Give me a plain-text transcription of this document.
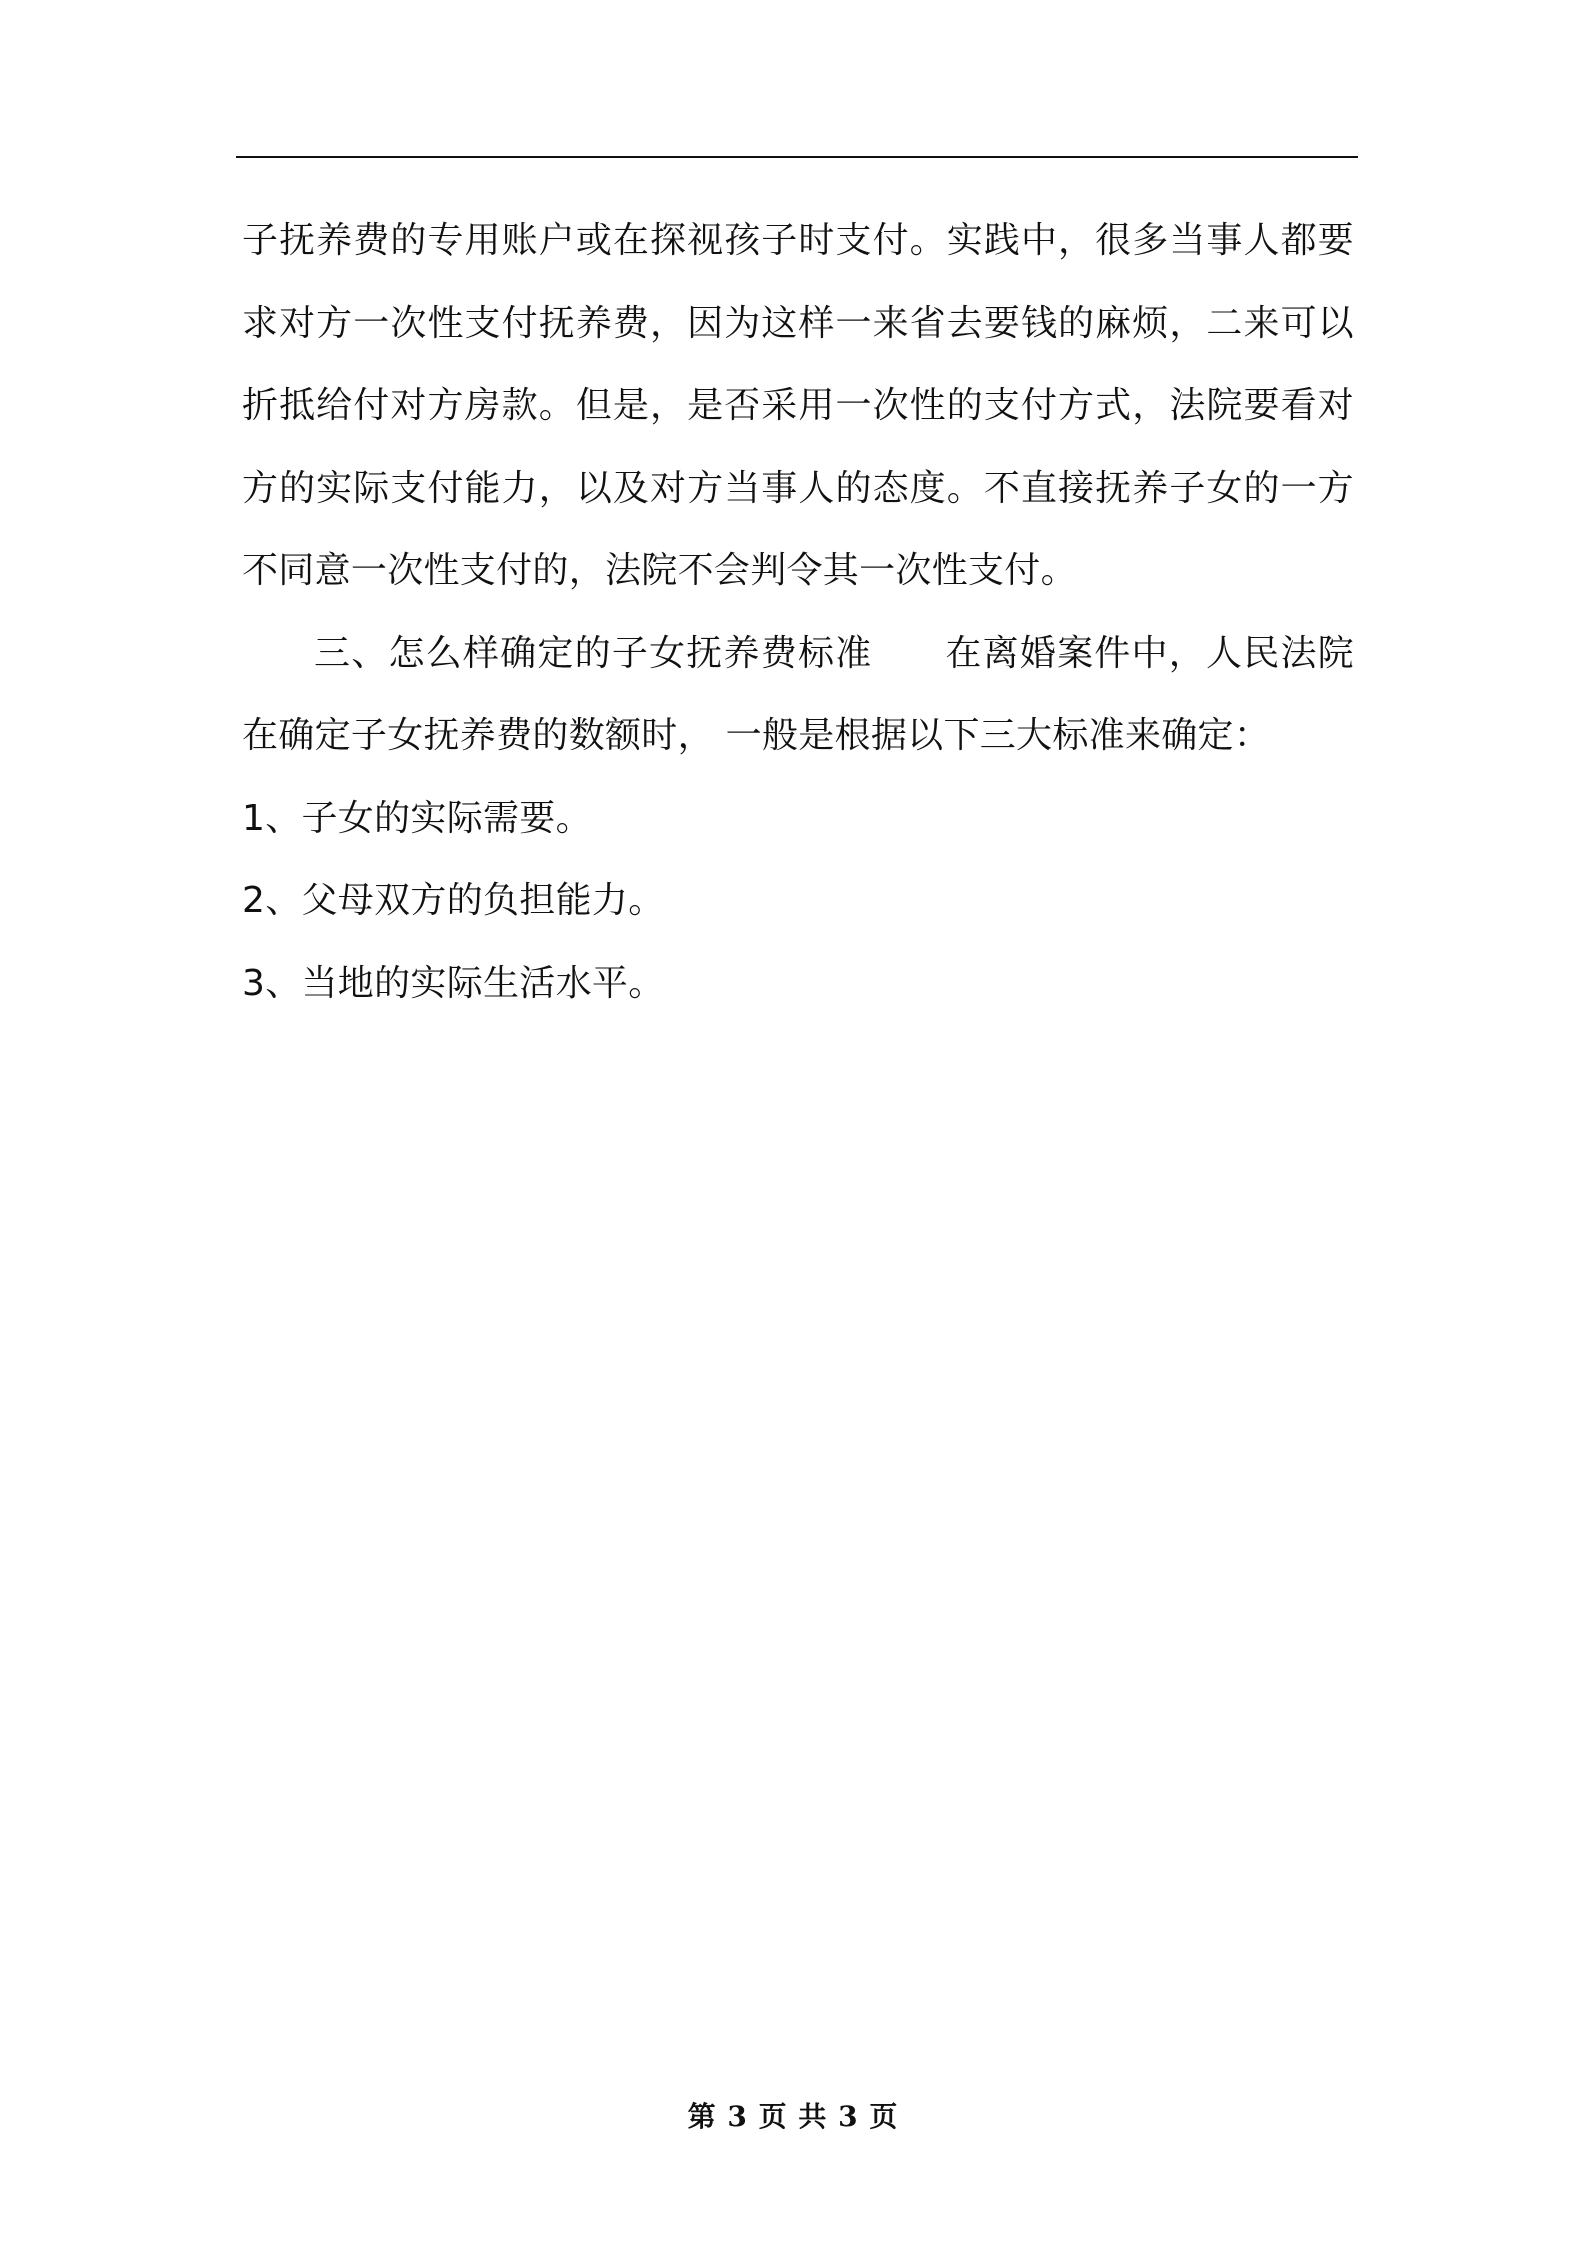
子抚养费的专用账户或在探视孩子时支付。实践中，很多当事人都要求对方一次性支付抚养费，因为这样一来省去要钱的麻烦，二来可以折抵给付对方房款。但是，是否采用一次性的支付方式，法院要看对方的实际支付能力，以及对方当事人的态度。不直接抚养子女的一方不同意一次性支付的，法院不会判令其一次性支付。

三、怎么样确定的子女抚养费标准 在离婚案件中，人民法院在确定子女抚养费的数额时， 一般是根据以下三大标准来确定：

1、子女的实际需要。

2、父母双方的负担能力。

3、当地的实际生活水平。

第 3 页 共 3 页
